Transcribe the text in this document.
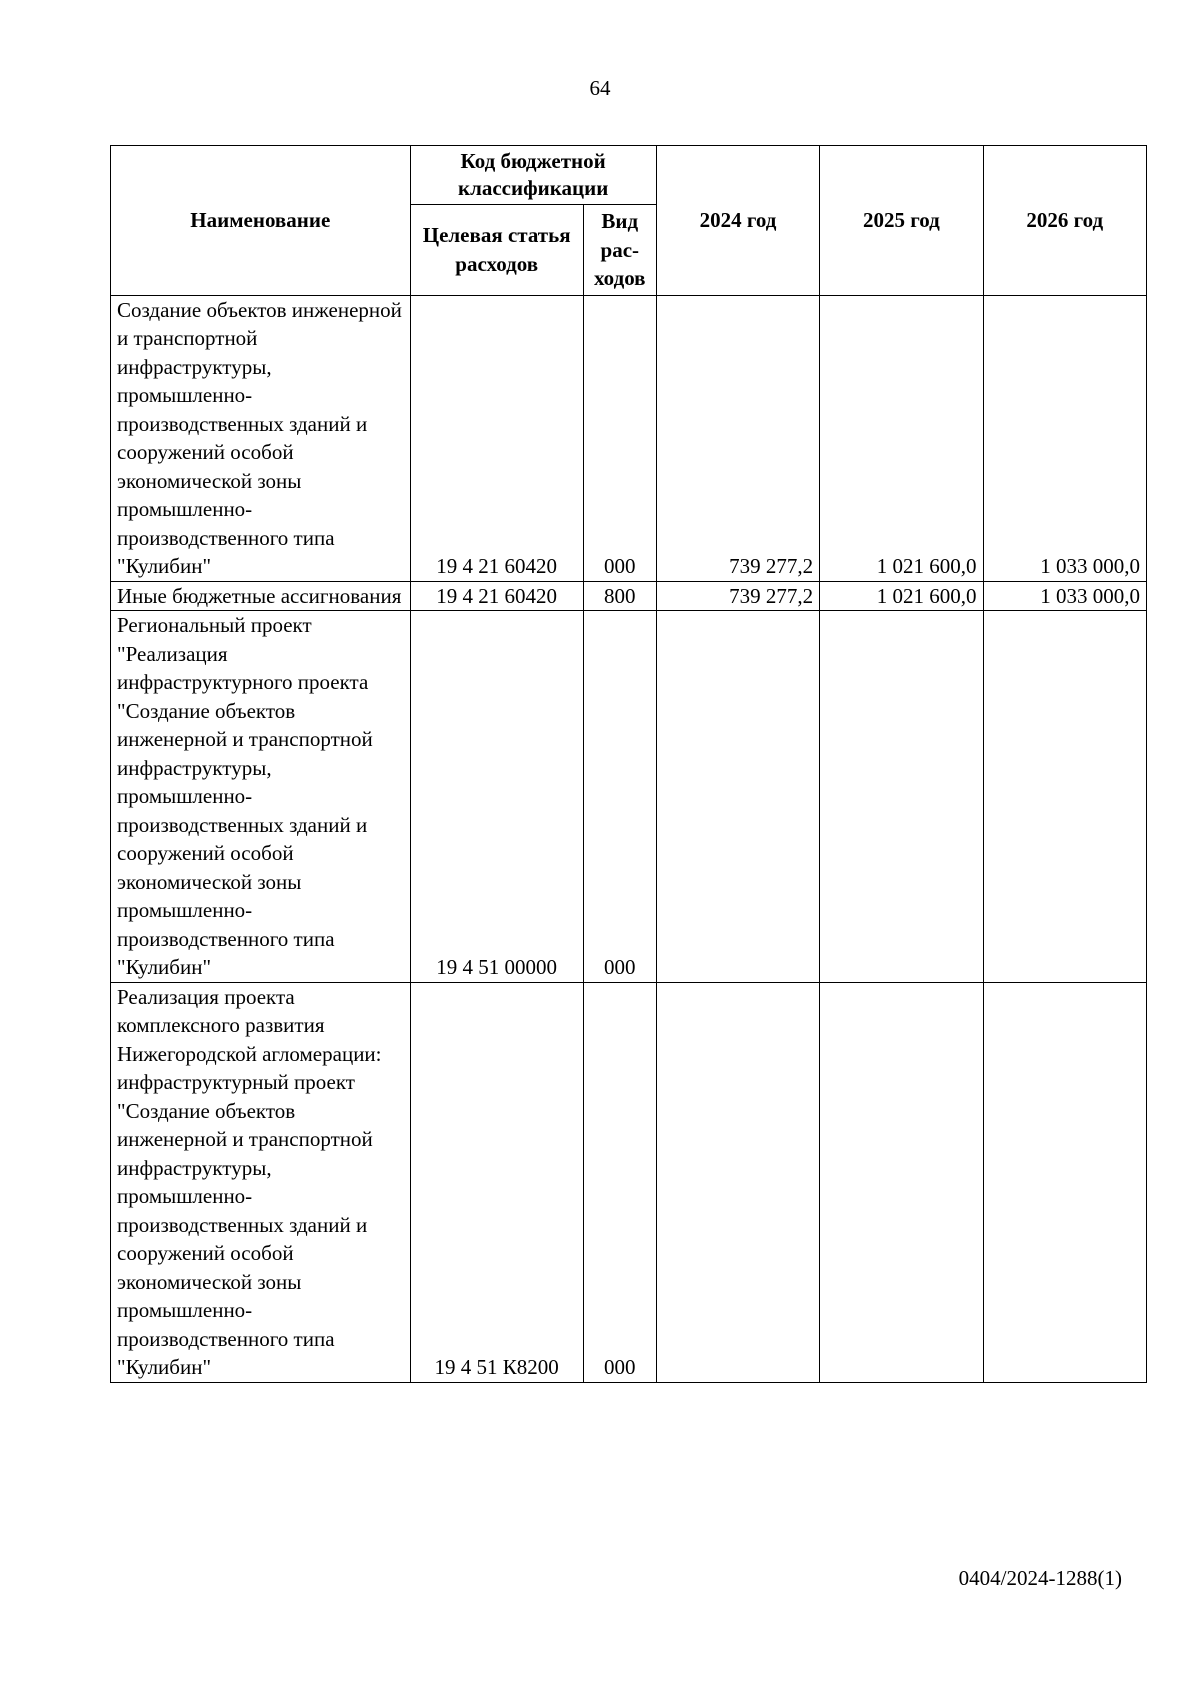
64
Наименование	Код бюджетной классификации		2024 год	2025 год	2026 год
	Целевая статья расходов	Вид рас-ходов			
Создание объектов инженерной и транспортной инфраструктуры, промышленно-производственных зданий и сооружений особой экономической зоны промышленно-производственного типа "Кулибин"	19 4 21 60420	000	739 277,2	1 021 600,0	1 033 000,0
Иные бюджетные ассигнования	19 4 21 60420	800	739 277,2	1 021 600,0	1 033 000,0
Региональный проект "Реализация инфраструктурного проекта "Создание объектов инженерной и транспортной инфраструктуры, промышленно-производственных зданий и сооружений особой экономической зоны промышленно-производственного типа "Кулибин"	19 4 51 00000	000			
Реализация проекта комплексного развития Нижегородской агломерации: инфраструктурный проект "Создание объектов инженерной и транспортной инфраструктуры, промышленно-производственных зданий и сооружений особой экономической зоны промышленно-производственного типа "Кулибин"	19 4 51 К8200	000			
0404/2024-1288(1)
